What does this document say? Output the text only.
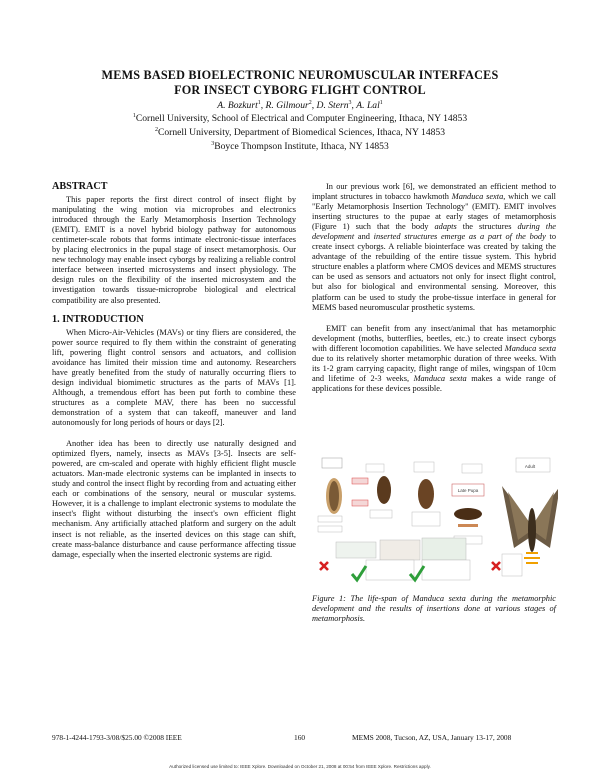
MEMS BASED BIOELECTRONIC NEUROMUSCULAR INTERFACES
FOR INSECT CYBORG FLIGHT CONTROL
A. Bozkurt$^1$, R. Gilmour$^2$, D. Stern$^3$, A. Lal$^1$
$^1$Cornell University, School of Electrical and Computer Engineering, Ithaca, NY 14853
$^2$Cornell University, Department of Biomedical Sciences, Ithaca, NY 14853
$^3$Boyce Thompson Institute, Ithaca, NY 14853

ABSTRACT

This paper reports the first direct control of insect flight by manipulating the wing motion via microprobes and electronics introduced through the Early Metamorphosis Insertion Technology (EMIT). EMIT is a novel hybrid biology pathway for autonomous centimeter-scale robots that forms intimate electronic-tissue interfaces by placing electronics in the pupal stage of insect metamorphosis. Our new technology may enable insect cyborgs by realizing a reliable control interface between inserted microsystems and insect physiology. The design rules on the flexibility of the inserted microsystem and the investigation towards tissue-microprobe biological and electrical compatibility are also presented.

1. INTRODUCTION

When Micro-Air-Vehicles (MAVs) or tiny fliers are considered, the power source required to fly them within the constraint of generating lift, powering flight control sensors and actuators, and collision avoidance has limited their mission time and autonomy. Researchers have greatly benefited from the study of naturally occurring fliers to design individual biomimetic structures as the parts of MAVs [1]. Although, a tremendous effort has been put forth to combine these structures as a complete MAV, there has been no successful demonstration of a system that can takeoff, maneuver and land autonomously for long periods of hours or days [2].

Another idea has been to directly use naturally designed and optimized flyers, namely, insects as MAVs [3-5]. Insects are self-powered, are cm-scaled and operate with highly efficient flight muscle actuators. Man-made electronic systems can be implanted in insects to study and control the insect flight by recording from and actuating either each or combinations of the sensory, neural or muscular systems. However, it is a challenge to implant electronic systems to modulate the insect's flight without disturbing the insect's own efficient flight mechanism. Any artificially attached platform and surgery on the adult insect is not reliable, as the inserted devices on this stage can shift, create mass-balance disturbance and cause performance affecting tissue damage, especially when the inserted electronic systems are rigid.

In our previous work [6], we demonstrated an efficient method to implant structures in tobacco hawkmoth Manduca sexta, which we call "Early Metamorphosis Insertion Technology" (EMIT). EMIT involves inserting structures to the pupae at early stages of metamorphosis (Figure 1) such that the body adapts the structures during the development and inserted structures emerge as a part of the body to create insect cyborgs. A reliable biointerface was created by taking the advantage of the rebuilding of the entire tissue system. This hybrid structure enables a platform where CMOS devices and MEMS structures can be used as sensors and actuators not only for insect flight control, but also for biological and environmental sensing. Moreover, this platform can be used to study the probe-tissue interface in general for MEMS based neuromuscular prosthetic systems.

EMIT can benefit from any insect/animal that has metamorphic development (moths, butterflies, beetles, etc.) to create insect cyborgs with different locomotion capabilities. We have selected Manduca sexta due to its relatively shorter metamorphic duration of three weeks. With its 1-2 gram carrying capacity, flight range of miles, wingspan of 10cm and lifetime of 2-3 weeks, Manduca sexta makes a wide range of applications for these devices possible.

Late Pupa
Adult
Figure 1: The life-span of Manduca sexta during the metamorphic development and the results of insertions done at various stages of metamorphosis.
978-1-4244-1793-3/08/$25.00 ©2008 IEEE	160	MEMS 2008, Tucson, AZ, USA, January 13-17, 2008
Authorized licensed use limited to: IEEE Xplore. Downloaded on October 21, 2008 at 00:54 from IEEE Xplore. Restrictions apply.
